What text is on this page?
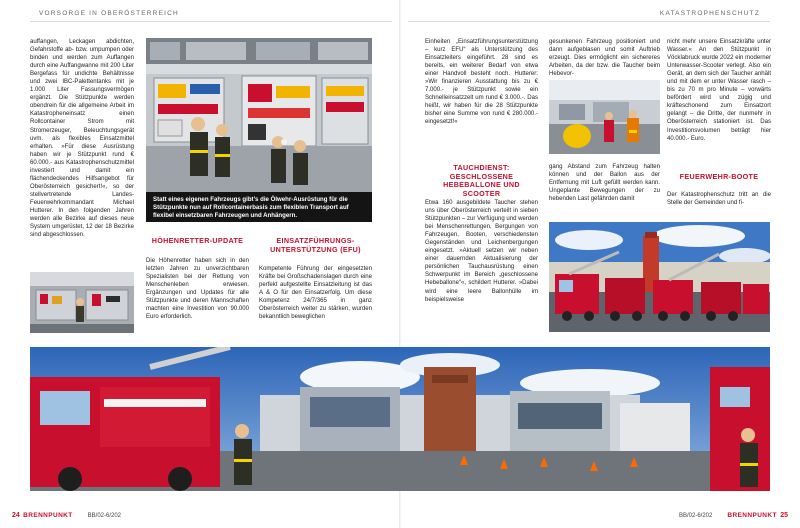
VORSORGE IN OBERÖSTERREICH	KATASTROPHENSCHUTZ

auffangen, Leckagen abdichten, Gefahrstoffe ab- bzw. umpumpen oder binden und werden zum Auffangen durch eine Auffangwanne mit 200 Liter Bergefass für undichte Behältnisse und zwei IBC-Palettentanks mit je 1.000 Liter Fassungsvermögen ergänzt. Die Stützpunkte werden obendrein für die allgemeine Arbeit im Katastropheneinsatz einen Rollcontainer Strom mit Stromerzeuger, Beleuchtungsgerät uvm. als flexibles Einsatzmittel erhalten. »Für diese Ausrüstung haben wir je Stützpunkt rund € 60.000.- aus Katastrophenschutzmittel investiert und damit ein flächendeckendes Hilfsangebot für Oberösterreich gesichert!«, so der stellvertretende Landes-Feuerwehrkommandant Michael Hutterer. In den folgenden Jahren werden alle Bezirke auf dieses neue System umgerüstet, 12 der 18 Bezirke sind abgeschlossen.

Statt eines eigenen Fahrzeugs gibt’s die Ölwehr-Ausrüstung für die Stützpunkte nun auf Rollcontainerbasis zum flexiblen Transport auf flexibel einsetzbaren Fahrzeugen und Anhängern.
HÖHENRETTER-UPDATE

Die Höhenretter haben sich in den letzten Jahren zu unverzichtbaren Spezialisten bei der Rettung von Menschenleben erwiesen. Ergänzungen und Updates für alle Stützpunkte und deren Mannschaften machten eine Investition von 90.000 Euro erforderlich.

EINSATZFÜHRUNGS-UNTERSTÜTZUNG (EFU)

Kompetente Führung der eingesetzten Kräfte bei Großschadenslagen durch eine perfekt aufgestellte Einsatzleitung ist das A & O für den Einsatzerfolg. Um diese Kompetenz 24/7/365 in ganz Oberösterreich weiter zu stärken, wurden bekanntlich beweglichen

Einheiten „Einsatzführungsunterstützung – kurz EFU“ als Unterstützung des Einsatzleiters eingeführt. 28 sind es bereits, ein weiterer Bedarf von etwa einer Handvoll besteht noch. Hutterer: »Wir finanzieren Ausstattung bis zu € 7.000.- je Stützpunkt sowie ein Schnelleinsatzzelt um rund € 3.000.-. Das heißt, wir haben für die 28 Stützpunkte bisher eine Summe von rund € 280.000.- eingesetzt!«

TAUCHDIENST: GESCHLOSSENE HEBEBALLONE UND SCOOTER

Etwa 160 ausgebildete Taucher stehen uns über Oberösterreich verteilt in sieben Stützpunkten – zur Verfügung und werden bei Menschenrettungen, Bergungen von Fahrzeugen, Booten, verschiedensten Gegenständen und Leichenbergungen eingesetzt. »Aktuell setzen wir neben einer dauernden Aktualisierung der persönlichen Tauchausrüstung einen Schwerpunkt im Bereich „geschlossene Hebeballone“«, schildert Hutterer. »Dabei wird eine leere Ballonhülle im beispielsweise

gesunkenen Fahrzeug positioniert und dann aufgeblasen und somit Auftrieb erzeugt. Dies ermöglicht ein sichereres Arbeiten, da der bzw. die Taucher beim Hebevor-

gang Abstand zum Fahrzeug halten können und der Ballon aus der Entfernung mit Luft gefüllt werden kann. Ungeplante Bewegungen der zu hebenden Last gefährden damit

nicht mehr unsere Einsatzkräfte unter Wasser.« An den Stützpunkt in Vöcklabruck wurde 2022 ein moderner Unterwasser-Scooter verlegt. Also ein Gerät, an dem sich der Taucher anhält und mit dem er unter Wasser rasch – bis zu 70 m pro Minute – vorwärts befördert wird und zügig und kräfteschonend zum Einsatzort gelangt – die Dritte, der nunmehr in Oberösterreich stationiert ist. Das Investitionsvolumen beträgt hier 40.000.- Euro.

FEUERWEHR-BOOTE

Der Katastrophenschutz tritt an die Stelle der Gemeinden und fi-

24 BRENNPUNKT	BB/02-6/202	BB/02-6/202 BRENNPUNKT 25
